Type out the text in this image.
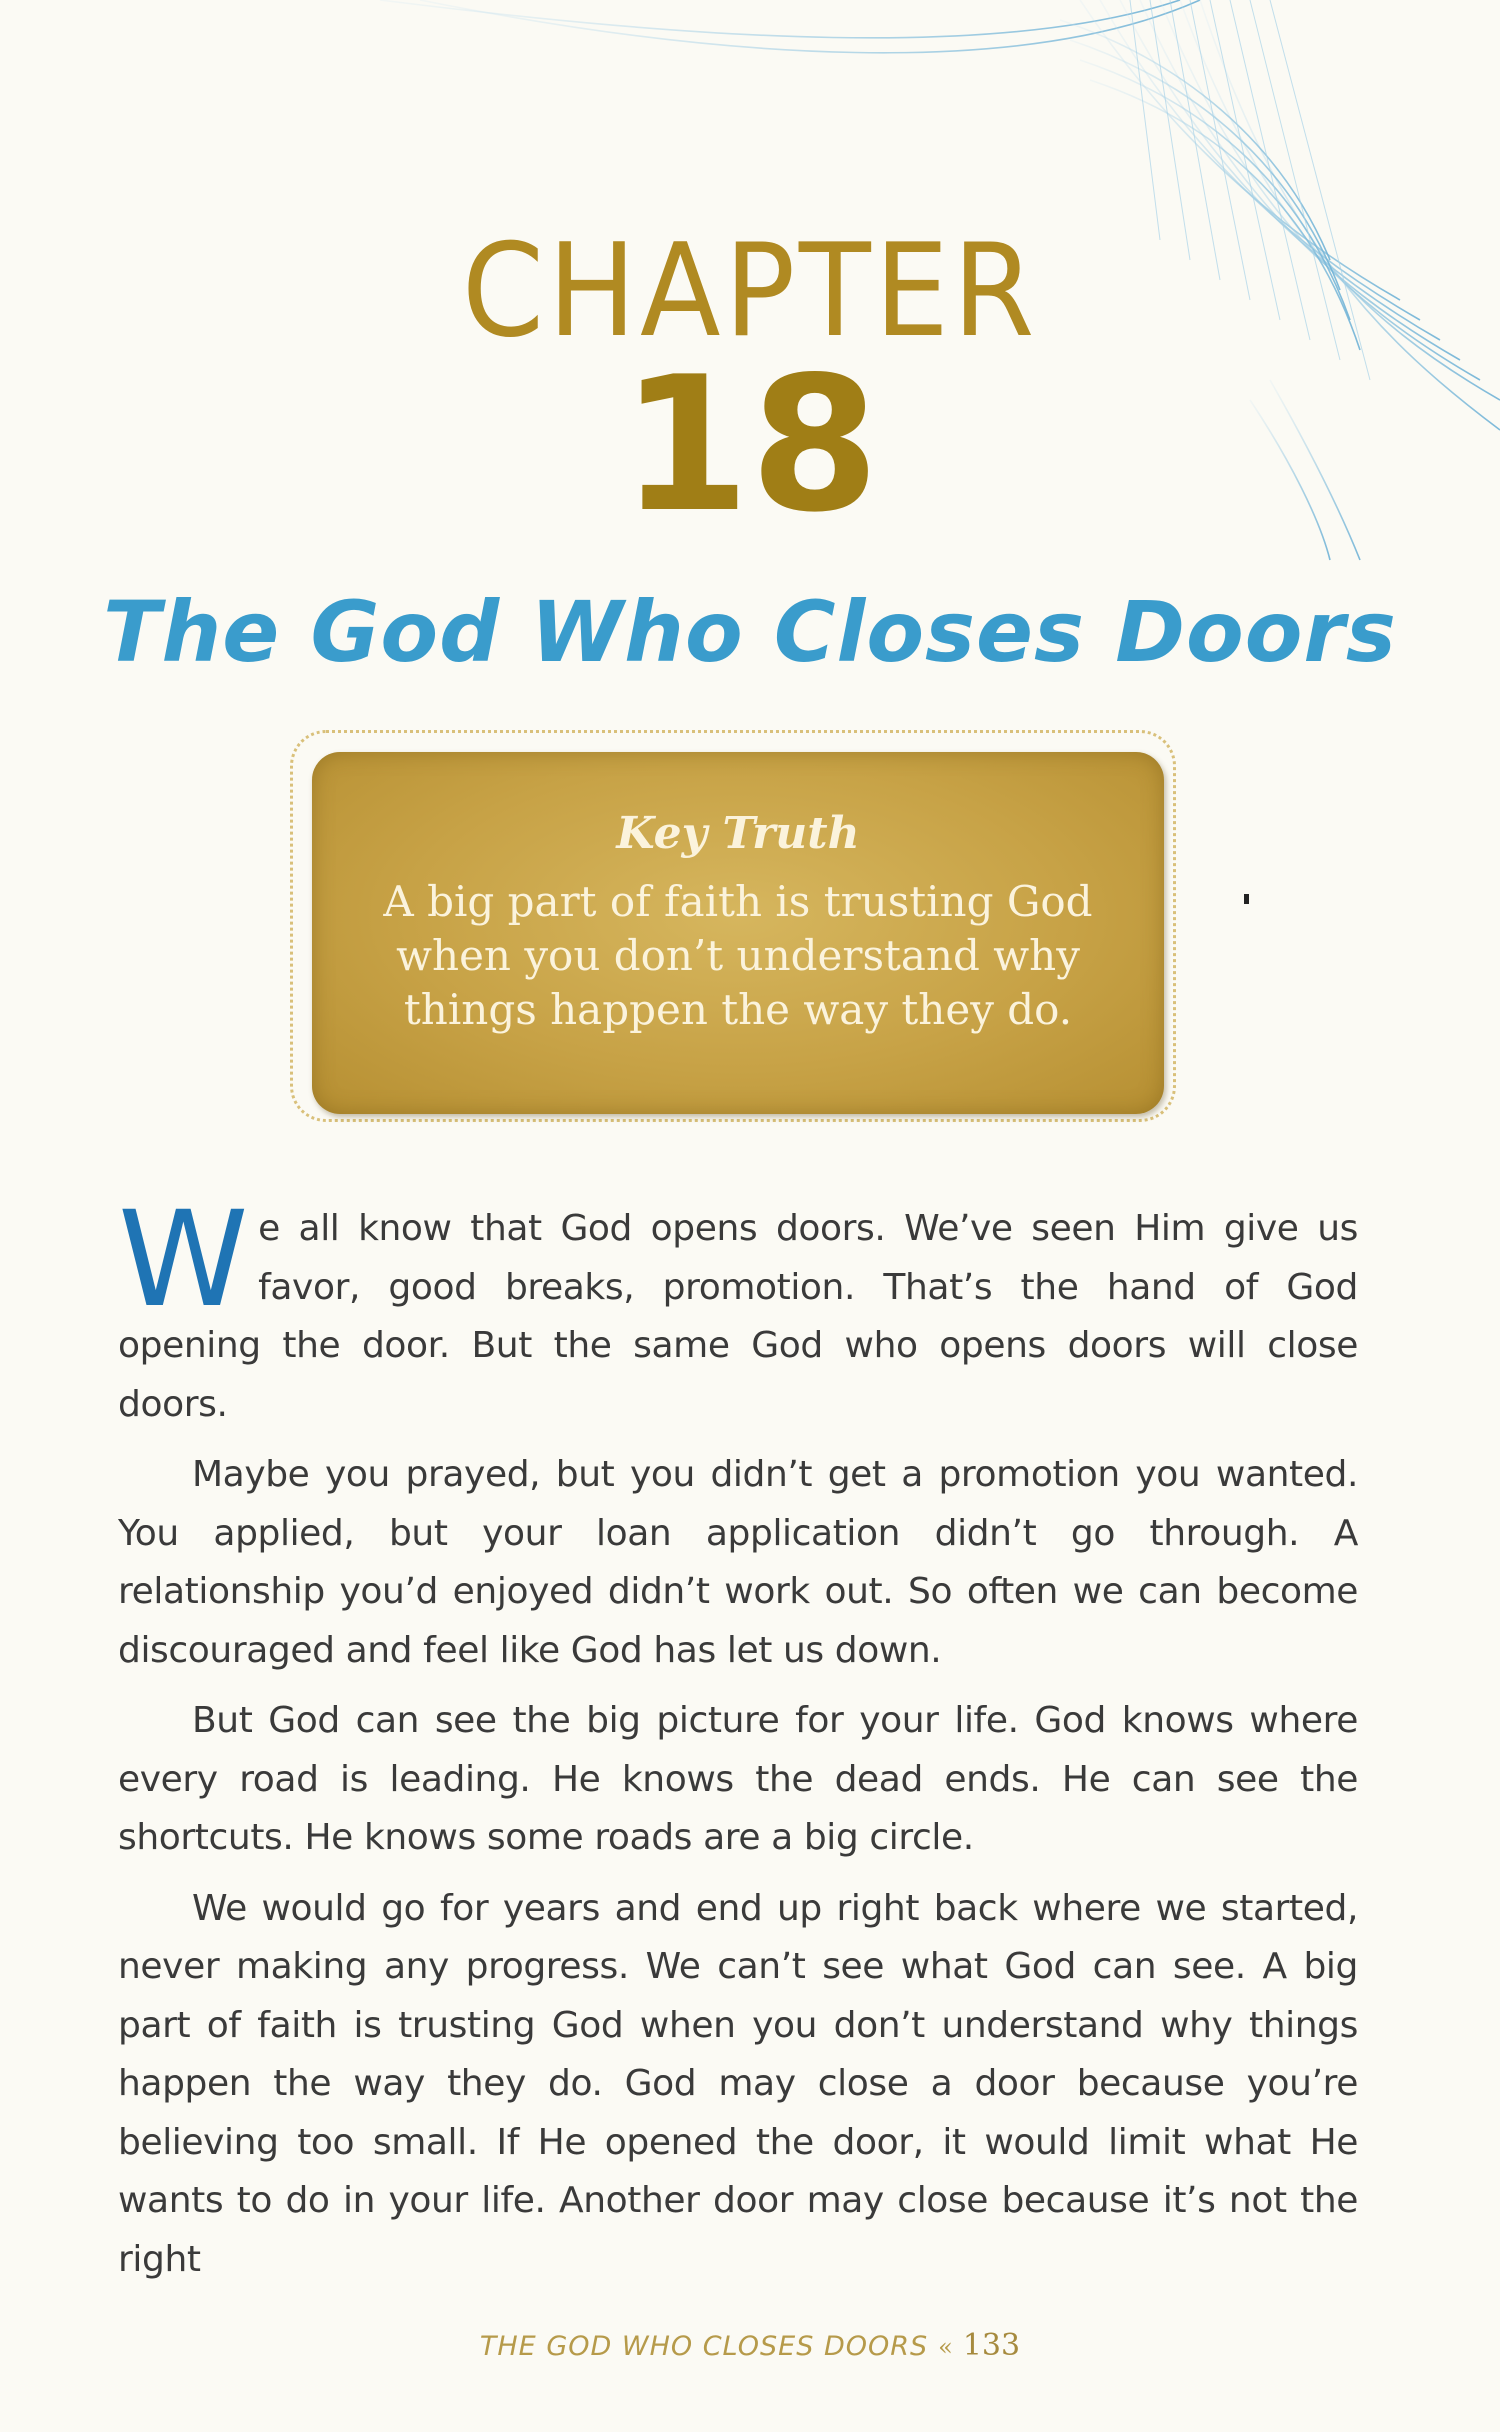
CHAPTER
18
The God Who Closes Doors
Key Truth
A big part of faith is trusting God when you don’t understand why things happen the way they do.

We all know that God opens doors. We’ve seen Him give us favor, good breaks, promotion. That’s the hand of God opening the door. But the same God who opens doors will close doors.

Maybe you prayed, but you didn’t get a promotion you wanted. You applied, but your loan application didn’t go through. A relationship you’d enjoyed didn’t work out. So often we can become discouraged and feel like God has let us down.

But God can see the big picture for your life. God knows where every road is leading. He knows the dead ends. He can see the shortcuts. He knows some roads are a big circle.

We would go for years and end up right back where we started, never making any progress. We can’t see what God can see. A big part of faith is trusting God when you don’t understand why things happen the way they do. God may close a door because you’re believing too small. If He opened the door, it would limit what He wants to do in your life. Another door may close because it’s not the right

THE GOD WHO CLOSES DOORS « 133
